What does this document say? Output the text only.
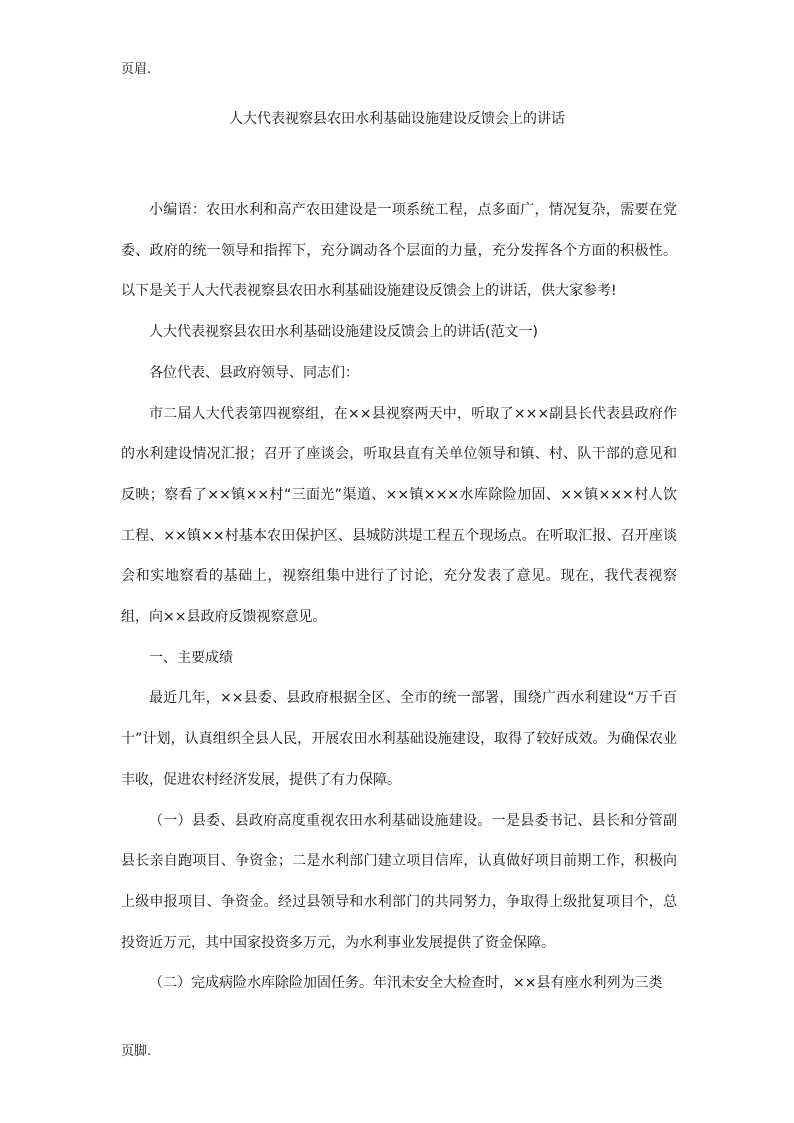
页眉.
人大代表视察县农田水利基础设施建设反馈会上的讲话

小编语：农田水利和高产农田建设是一项系统工程，点多面广，情况复杂，需要在党委、政府的统一领导和指挥下，充分调动各个层面的力量，充分发挥各个方面的积极性。以下是关于人大代表视察县农田水利基础设施建设反馈会上的讲话，供大家参考!

人大代表视察县农田水利基础设施建设反馈会上的讲话(范文一)

各位代表、县政府领导、同志们：

市二届人大代表第四视察组，在××县视察两天中，听取了×××副县长代表县政府作的水利建设情况汇报；召开了座谈会，听取县直有关单位领导和镇、村、队干部的意见和反映；察看了××镇××村“三面光”渠道、××镇×××水库除险加固、××镇×××村人饮工程、××镇××村基本农田保护区、县城防洪堤工程五个现场点。在听取汇报、召开座谈会和实地察看的基础上，视察组集中进行了讨论，充分发表了意见。现在，我代表视察组，向××县政府反馈视察意见。

一、主要成绩

最近几年，××县委、县政府根据全区、全市的统一部署，围绕广西水利建设“万千百十”计划，认真组织全县人民，开展农田水利基础设施建设，取得了较好成效。为确保农业丰收，促进农村经济发展，提供了有力保障。

（一）县委、县政府高度重视农田水利基础设施建设。一是县委书记、县长和分管副县长亲自跑项目、争资金；二是水利部门建立项目信库，认真做好项目前期工作，积极向上级申报项目、争资金。经过县领导和水利部门的共同努力，争取得上级批复项目个，总投资近万元，其中国家投资多万元，为水利事业发展提供了资金保障。

（二）完成病险水库除险加固任务。年汛未安全大检查时，××县有座水利列为三类

页脚.
